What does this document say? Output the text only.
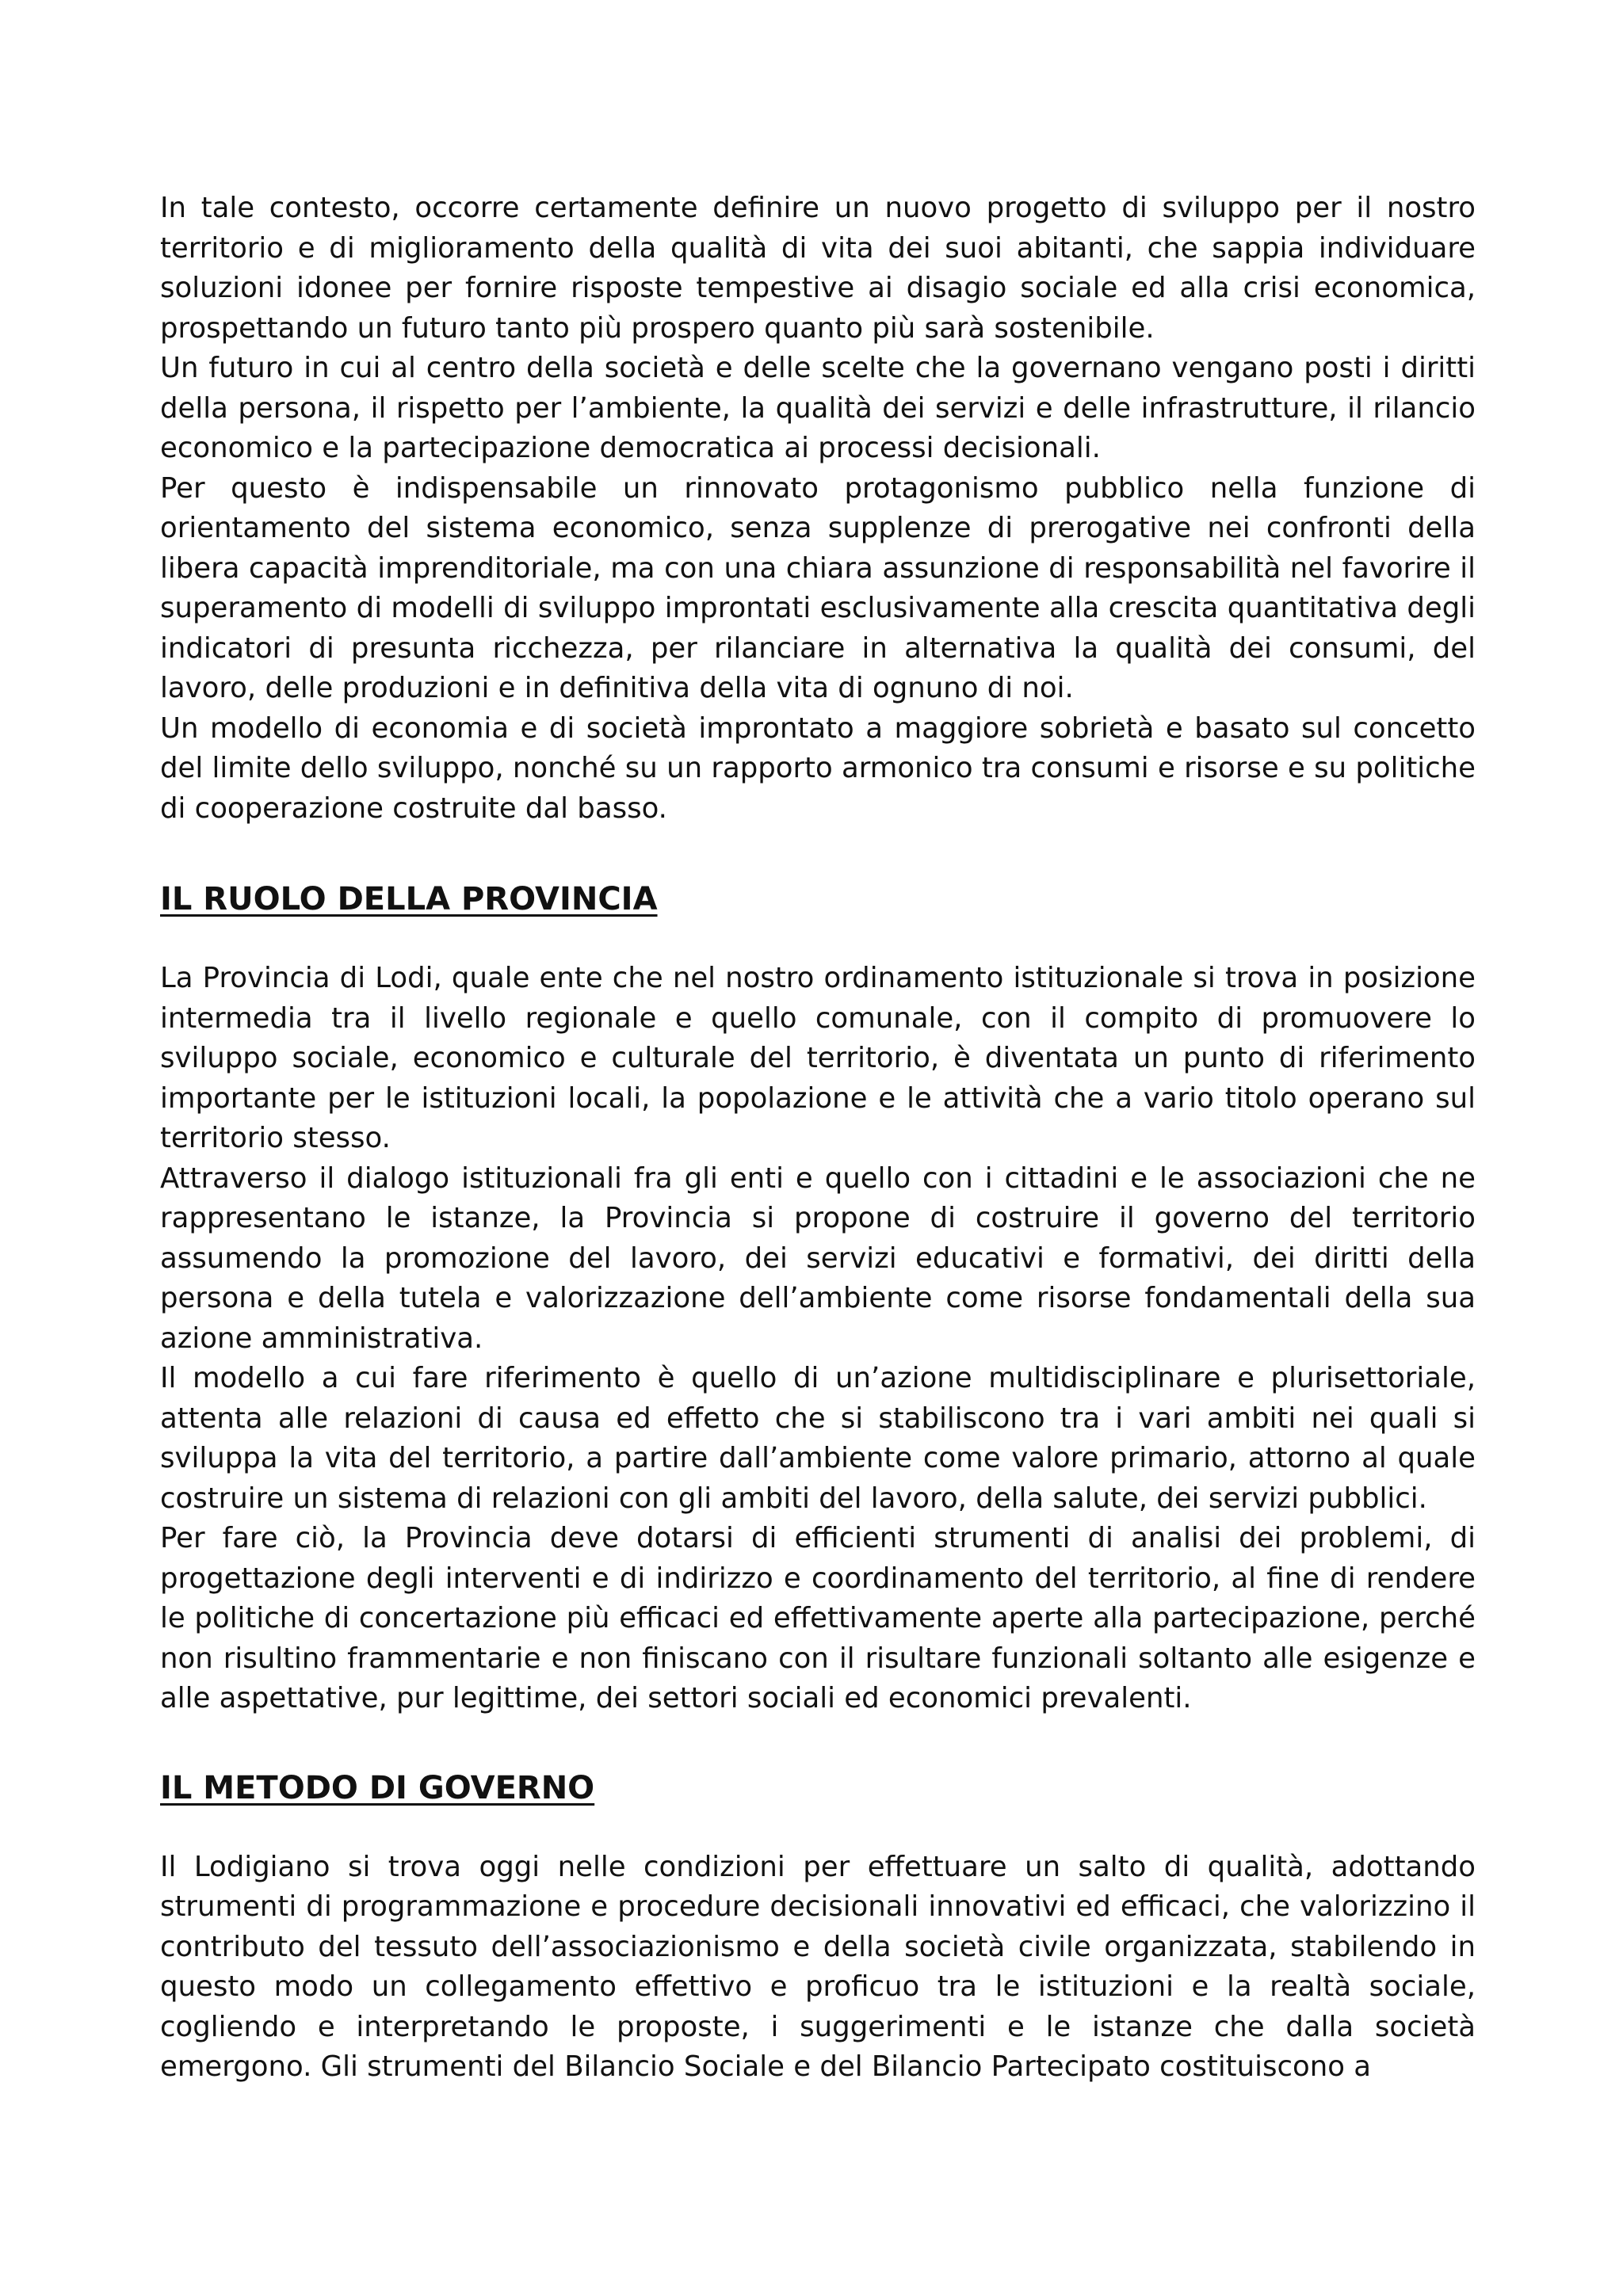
In tale contesto, occorre certamente definire un nuovo progetto di sviluppo per il nostro territorio e di miglioramento della qualità di vita dei suoi abitanti, che sappia individuare soluzioni idonee per fornire risposte tempestive ai disagio sociale ed alla crisi economica, prospettando un futuro tanto più prospero quanto più sarà sostenibile.

Un futuro in cui al centro della società e delle scelte che la governano vengano posti i diritti della persona, il rispetto per l’ambiente, la qualità dei servizi e delle infrastrutture, il rilancio economico e la partecipazione democratica ai processi decisionali.

Per questo è indispensabile un rinnovato protagonismo pubblico nella funzione di orientamento del sistema economico, senza supplenze di prerogative nei confronti della libera capacità imprenditoriale, ma con una chiara assunzione di responsabilità nel favorire il superamento di modelli di sviluppo improntati esclusivamente alla crescita quantitativa degli indicatori di presunta ricchezza, per rilanciare in alternativa la qualità dei consumi, del lavoro, delle produzioni e in definitiva della vita di ognuno di noi.

Un modello di economia e di società improntato a maggiore sobrietà e basato sul concetto del limite dello sviluppo, nonché su un rapporto armonico tra consumi e risorse e su politiche di cooperazione costruite dal basso.

IL RUOLO DELLA PROVINCIA

La Provincia di Lodi, quale ente che nel nostro ordinamento istituzionale si trova in posizione intermedia tra il livello regionale e quello comunale, con il compito di promuovere lo sviluppo sociale, economico e culturale del territorio, è diventata un punto di riferimento importante per le istituzioni locali, la popolazione e le attività che a vario titolo operano sul territorio stesso.

Attraverso il dialogo istituzionali fra gli enti e quello con i cittadini e le associazioni che ne rappresentano le istanze, la Provincia si propone di costruire il governo del territorio assumendo la promozione del lavoro, dei servizi educativi e formativi, dei diritti della persona e della tutela e valorizzazione dell’ambiente come risorse fondamentali della sua azione amministrativa.

Il modello a cui fare riferimento è quello di un’azione multidisciplinare e plurisettoriale, attenta alle relazioni di causa ed effetto che si stabiliscono tra i vari ambiti nei quali si sviluppa la vita del territorio, a partire dall’ambiente come valore primario, attorno al quale costruire un sistema di relazioni con gli ambiti del lavoro, della salute, dei servizi pubblici.

Per fare ciò, la Provincia deve dotarsi di efficienti strumenti di analisi dei problemi, di progettazione degli interventi e di indirizzo e coordinamento del territorio, al fine di rendere le politiche di concertazione più efficaci ed effettivamente aperte alla partecipazione, perché non risultino frammentarie e non finiscano con il risultare funzionali soltanto alle esigenze e alle aspettative, pur legittime, dei settori sociali ed economici prevalenti.

IL METODO DI GOVERNO

Il Lodigiano si trova oggi nelle condizioni per effettuare un salto di qualità, adottando strumenti di programmazione e procedure decisionali innovativi ed efficaci, che valorizzino il contributo del tessuto dell’associazionismo e della società civile organizzata, stabilendo in questo modo un collegamento effettivo e proficuo tra le istituzioni e la realtà sociale, cogliendo e interpretando le proposte, i suggerimenti e le istanze che dalla società emergono. Gli strumenti del Bilancio Sociale e del Bilancio Partecipato costituiscono a
